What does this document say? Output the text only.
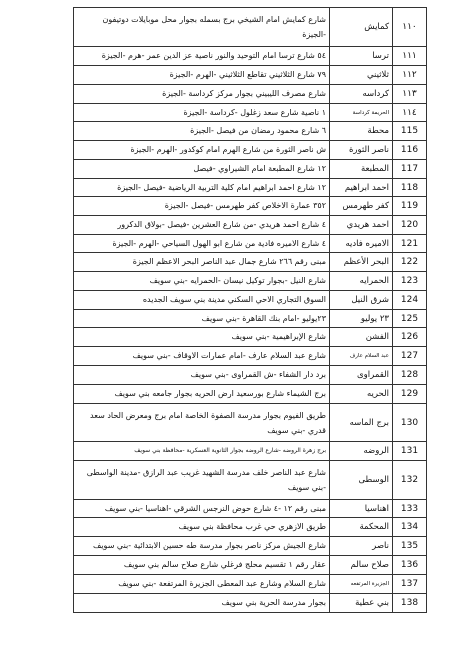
١١٠	كمايش	شارع كمايش امام الشيخي برج بسمله بجوار محل موبايلات دوتيفون -الجيزة
١١١	ترسا	٥٤ شارع ترسا امام التوحيد والنور ناصية عز الدين عمر -هرم -الجيزة
١١٢	ثلاثيني	٧٩ شارع الثلاثيني تقاطع الثلاثيني -الهرم -الجيزة
١١٣	كرداسه	شارع مصرف الليبيني بجوار مركز كرداسة -الجيزة
١١٤	الحريمة كرداسة	١ ناصية شارع سعد زغلول -كرداسة -الجيزة
115	محطة	٦ شارع محمود رمضان من فيصل -الجيزة
116	ناصر الثورة	ش ناصر الثورة من شارع الهرم امام كوكدور -الهرم -الجيزة
117	المطبعة	١٢ شارع المطبعة امام الشيراوي -فيصل
118	احمد ابراهيم	١٢ شارع احمد ابراهيم امام كلية التربية الرياضية -فيصل -الجيزة
119	كفر طهرمس	٣٥٢ عمارة الاخلاص كفر طهرمس -فيصل -الجيزة
120	احمد هريدي	٤ شارع احمد هريدي -من شارع العشرين -فيصل -بولاق الدكرور
121	الاميره فاديه	٤ شارع الاميره فادية من شارع ابو الهول السياحي -الهرم -الجيزة
122	البحر الأعظم	مبنى رقم ٢٦٦ شارع جمال عبد الناصر البحر الاعظم الجيزة
123	الحمرايه	شارع النيل -بجوار توكيل نيسان -الحمرايه -بني سويف
124	شرق النيل	السوق التجاري الاحي السكني مدينة بني سويف الجديده
125	٢٣ يوليو	٢٣يوليو -امام بنك القاهرة -بني سويف
126	الفشن	شارع الإبراهيمية -بني سويف
127	عبد السلام عارف	شارع عبد السلام عارف -امام عمارات الاوقاف -بني سويف
128	القمراوى	برد دار الشفاء -ش القمراوى -بني سويف
129	الحريه	برج الشيماء شارع بورسعيد ارض الحريه بجوار جامعه بني سويف
130	برج الماسه	طريق الفيوم بجوار مدرسة الصفوة الخاصة امام برج ومعرض الحاد سعد قدري -بني سويف
131	الروضه	برج زهرة الروضه -شارع الروضه بجوار الثانوية العسكرية -محافظة بني سويف
132	الوسطى	شارع عبد الناصر خلف مدرسة الشهيد غريب عبد الرازق -مدينة الواسطى -بني سويف
133	اهناسيا	مبنى رقم ١٢ -٤ شارع حوض النرجس الشرقي -اهناسيا -بني سويف
134	المحكمة	طريق الازهري حي غرب محافظة بني سويف
135	ناصر	شارع الجيش مركز ناصر بجوار مدرسة طه حسين الابتدائية -بني سويف
136	صلاح سالم	عقار رقم ١ تقسيم محلج فرغلي شارع صلاح سالم بني سويف
137	الجزيرة المرتفعه	شارع السلام وشارع عبد المعطى الجزيرة المرتفعة -بني سويف
138	بني عطية	بجوار مدرسة الحرية بني سويف
